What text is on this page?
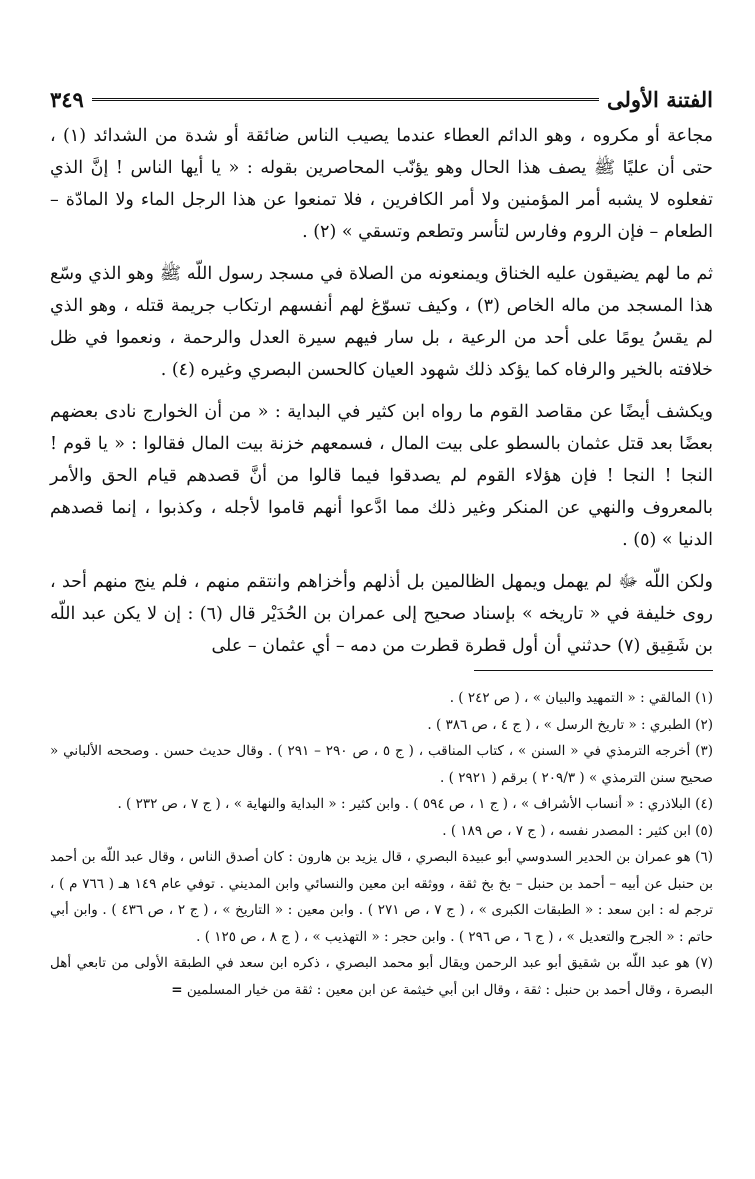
الفتنة الأولى
٣٤٩

مجاعة أو مكروه ، وهو الدائم العطاء عندما يصيب الناس ضائقة أو شدة من الشدائد (١) ، حتى أن عليًا ﷺ يصف هذا الحال وهو يؤنّب المحاصرين بقوله : « يا أيها الناس ! إنَّ الذي تفعلوه لا يشبه أمر المؤمنين ولا أمر الكافرين ، فلا تمنعوا عن هذا الرجل الماء ولا المادّة – الطعام – فإن الروم وفارس لتأسر وتطعم وتسقي » (٢) .

ثم ما لهم يضيقون عليه الخناق ويمنعونه من الصلاة في مسجد رسول اللّه ﷺ وهو الذي وسّع هذا المسجد من ماله الخاص (٣) ، وكيف تسوّغ لهم أنفسهم ارتكاب جريمة قتله ، وهو الذي لم يقسُ يومًا على أحد من الرعية ، بل سار فيهم سيرة العدل والرحمة ، ونعموا في ظل خلافته بالخير والرفاه كما يؤكد ذلك شهود العيان كالحسن البصري وغيره (٤) .

ويكشف أيضًا عن مقاصد القوم ما رواه ابن كثير في البداية : « من أن الخوارج نادى بعضهم بعضًا بعد قتل عثمان بالسطو على بيت المال ، فسمعهم خزنة بيت المال فقالوا : « يا قوم ! النجا ! النجا ! فإن هؤلاء القوم لم يصدقوا فيما قالوا من أنَّ قصدهم قيام الحق والأمر بالمعروف والنهي عن المنكر وغير ذلك مما ادَّعوا أنهم قاموا لأجله ، وكذبوا ، إنما قصدهم الدنيا » (٥) .

ولكن اللّه ﷻ لم يهمل ويمهل الظالمين بل أذلهم وأخزاهم وانتقم منهم ، فلم ينج منهم أحد ، روى خليفة في « تاريخه » بإسناد صحيح إلى عمران بن الحُدَيْر قال (٦) : إن لا يكن عبد اللّه بن شَقِيق (٧) حدثني أن أول قطرة قطرت من دمه – أي عثمان – على

(١) المالقي : « التمهيد والبيان » ، ( ص ٢٤٢ ) .

(٢) الطبري : « تاريخ الرسل » ، ( ج ٤ ، ص ٣٨٦ ) .

(٣) أخرجه الترمذي في « السنن » ، كتاب المناقب ، ( ج ٥ ، ص ٢٩٠ – ٢٩١ ) . وقال حديث حسن . وصححه الألباني « صحيح سنن الترمذي » ( ٢٠٩/٣ ) برقم ( ٢٩٢١ ) .

(٤) البلاذري : « أنساب الأشراف » ، ( ج ١ ، ص ٥٩٤ ) . وابن كثير : « البداية والنهاية » ، ( ج ٧ ، ص ٢٣٢ ) .

(٥) ابن كثير : المصدر نفسه ، ( ج ٧ ، ص ١٨٩ ) .

(٦) هو عمران بن الحدير السدوسي أبو عبيدة البصري ، قال يزيد بن هارون : كان أصدق الناس ، وقال عبد اللّه بن أحمد بن حنبل عن أبيه – أحمد بن حنبل – بخ بخ ثقة ، ووثقه ابن معين والنسائي وابن المديني . توفي عام ١٤٩ هـ ( ٧٦٦ م ) ، ترجم له : ابن سعد : « الطبقات الكبرى » ، ( ج ٧ ، ص ٢٧١ ) . وابن معين : « التاريخ » ، ( ج ٢ ، ص ٤٣٦ ) . وابن أبي حاتم : « الجرح والتعديل » ، ( ج ٦ ، ص ٢٩٦ ) . وابن حجر : « التهذيب » ، ( ج ٨ ، ص ١٢٥ ) .

(٧) هو عبد اللّه بن شقيق أبو عبد الرحمن ويقال أبو محمد البصري ، ذكره ابن سعد في الطبقة الأولى من تابعي أهل البصرة ، وقال أحمد بن حنبل : ثقة ، وقال ابن أبي خيثمة عن ابن معين : ثقة من خيار المسلمين =
